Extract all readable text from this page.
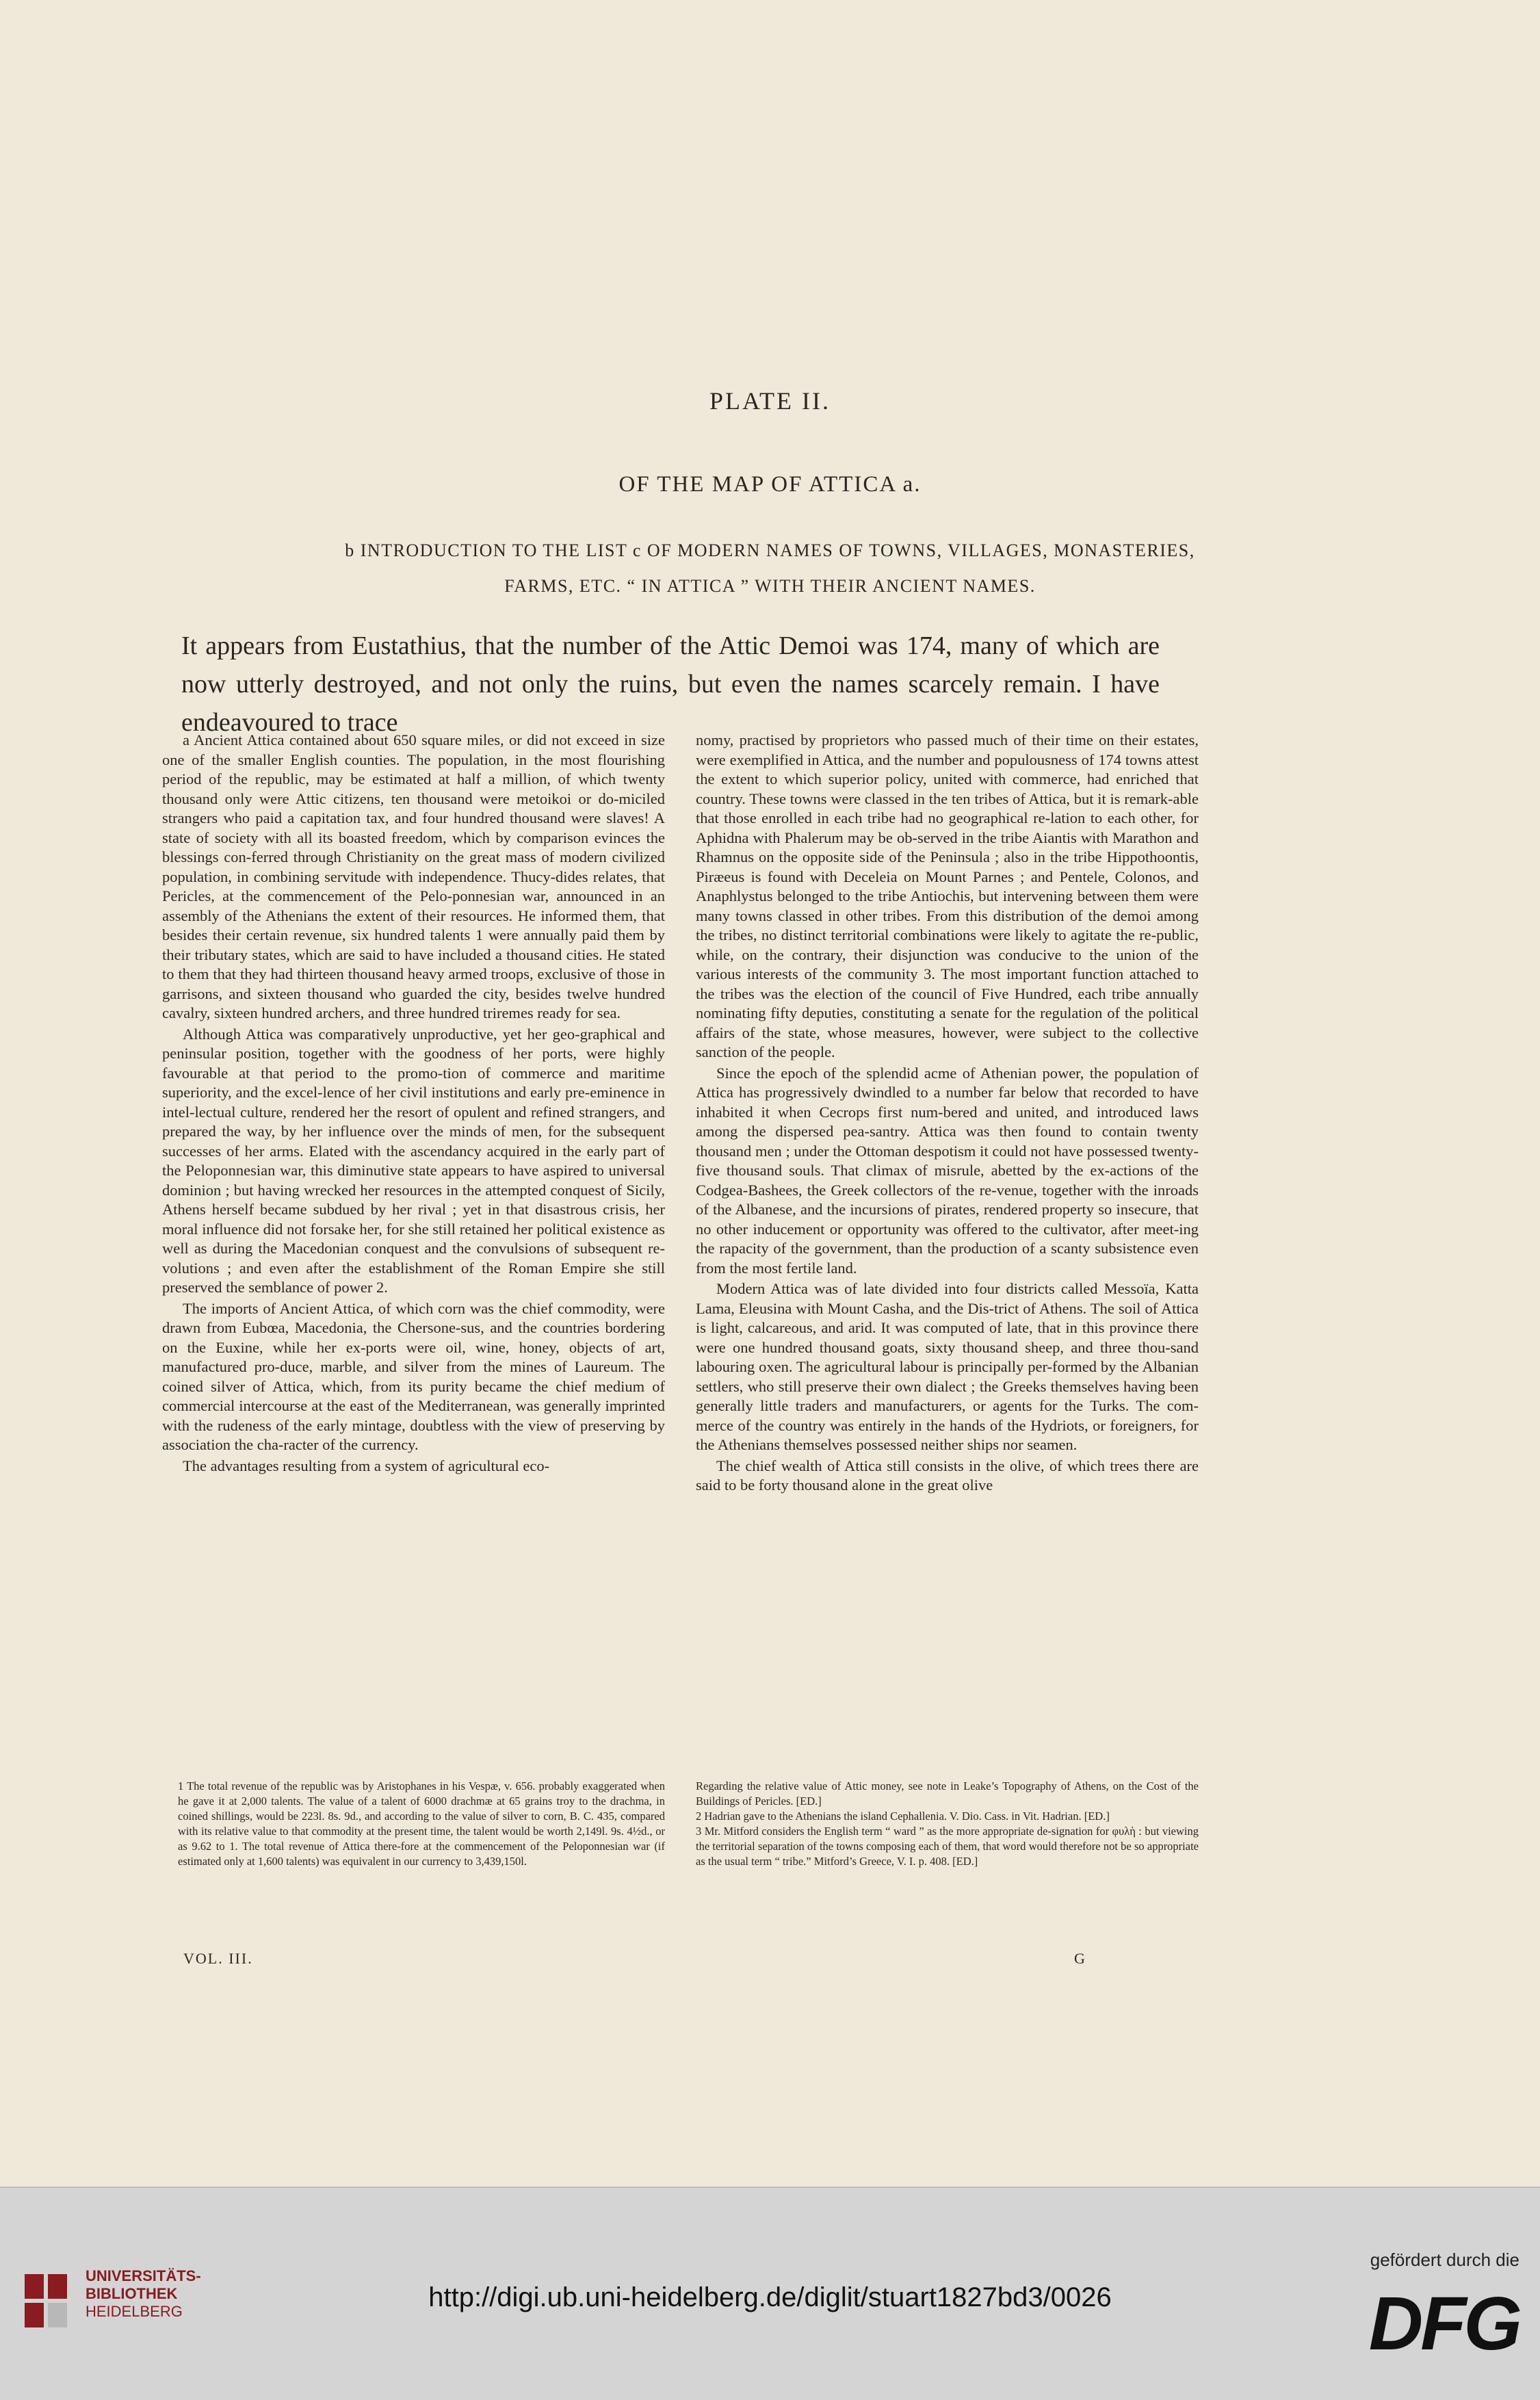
PLATE II.
OF THE MAP OF ATTICA a.
b INTRODUCTION TO THE LIST c OF MODERN NAMES OF TOWNS, VILLAGES, MONASTERIES,
FARMS, ETC. “ IN ATTICA ” WITH THEIR ANCIENT NAMES.
It appears from Eustathius, that the number of the Attic Demoi was 174, many of which are now utterly destroyed, and not only the ruins, but even the names scarcely remain. I have endeavoured to trace

a Ancient Attica contained about 650 square miles, or did not exceed in size one of the smaller English counties. The population, in the most flourishing period of the republic, may be estimated at half a million, of which twenty thousand only were Attic citizens, ten thousand were metoikoi or do-miciled strangers who paid a capitation tax, and four hundred thousand were slaves! A state of society with all its boasted freedom, which by comparison evinces the blessings con-ferred through Christianity on the great mass of modern civilized population, in combining servitude with independence. Thucy-dides relates, that Pericles, at the commencement of the Pelo-ponnesian war, announced in an assembly of the Athenians the extent of their resources. He informed them, that besides their certain revenue, six hundred talents 1 were annually paid them by their tributary states, which are said to have included a thousand cities. He stated to them that they had thirteen thousand heavy armed troops, exclusive of those in garrisons, and sixteen thousand who guarded the city, besides twelve hundred cavalry, sixteen hundred archers, and three hundred triremes ready for sea.

Although Attica was comparatively unproductive, yet her geo-graphical and peninsular position, together with the goodness of her ports, were highly favourable at that period to the promo-tion of commerce and maritime superiority, and the excel-lence of her civil institutions and early pre-eminence in intel-lectual culture, rendered her the resort of opulent and refined strangers, and prepared the way, by her influence over the minds of men, for the subsequent successes of her arms. Elated with the ascendancy acquired in the early part of the Peloponnesian war, this diminutive state appears to have aspired to universal dominion ; but having wrecked her resources in the attempted conquest of Sicily, Athens herself became subdued by her rival ; yet in that disastrous crisis, her moral influence did not forsake her, for she still retained her political existence as well as during the Macedonian conquest and the convulsions of subsequent re-volutions ; and even after the establishment of the Roman Empire she still preserved the semblance of power 2.

The imports of Ancient Attica, of which corn was the chief commodity, were drawn from Eubœa, Macedonia, the Chersone-sus, and the countries bordering on the Euxine, while her ex-ports were oil, wine, honey, objects of art, manufactured pro-duce, marble, and silver from the mines of Laureum. The coined silver of Attica, which, from its purity became the chief medium of commercial intercourse at the east of the Mediterranean, was generally imprinted with the rudeness of the early mintage, doubtless with the view of preserving by association the cha-racter of the currency.

The advantages resulting from a system of agricultural eco-

nomy, practised by proprietors who passed much of their time on their estates, were exemplified in Attica, and the number and populousness of 174 towns attest the extent to which superior policy, united with commerce, had enriched that country. These towns were classed in the ten tribes of Attica, but it is remark-able that those enrolled in each tribe had no geographical re-lation to each other, for Aphidna with Phalerum may be ob-served in the tribe Aiantis with Marathon and Rhamnus on the opposite side of the Peninsula ; also in the tribe Hippothoontis, Piræeus is found with Deceleia on Mount Parnes ; and Pentele, Colonos, and Anaphlystus belonged to the tribe Antiochis, but intervening between them were many towns classed in other tribes. From this distribution of the demoi among the tribes, no distinct territorial combinations were likely to agitate the re-public, while, on the contrary, their disjunction was conducive to the union of the various interests of the community 3. The most important function attached to the tribes was the election of the council of Five Hundred, each tribe annually nominating fifty deputies, constituting a senate for the regulation of the political affairs of the state, whose measures, however, were subject to the collective sanction of the people.

Since the epoch of the splendid acme of Athenian power, the population of Attica has progressively dwindled to a number far below that recorded to have inhabited it when Cecrops first num-bered and united, and introduced laws among the dispersed pea-santry. Attica was then found to contain twenty thousand men ; under the Ottoman despotism it could not have possessed twenty-five thousand souls. That climax of misrule, abetted by the ex-actions of the Codgea-Bashees, the Greek collectors of the re-venue, together with the inroads of the Albanese, and the incursions of pirates, rendered property so insecure, that no other inducement or opportunity was offered to the cultivator, after meet-ing the rapacity of the government, than the production of a scanty subsistence even from the most fertile land.

Modern Attica was of late divided into four districts called Messoïa, Katta Lama, Eleusina with Mount Casha, and the Dis-trict of Athens. The soil of Attica is light, calcareous, and arid. It was computed of late, that in this province there were one hundred thousand goats, sixty thousand sheep, and three thou-sand labouring oxen. The agricultural labour is principally per-formed by the Albanian settlers, who still preserve their own dialect ; the Greeks themselves having been generally little traders and manufacturers, or agents for the Turks. The com-merce of the country was entirely in the hands of the Hydriots, or foreigners, for the Athenians themselves possessed neither ships nor seamen.

The chief wealth of Attica still consists in the olive, of which trees there are said to be forty thousand alone in the great olive

1 The total revenue of the republic was by Aristophanes in his Vespæ, v. 656. probably exaggerated when he gave it at 2,000 talents. The value of a talent of 6000 drachmæ at 65 grains troy to the drachma, in coined shillings, would be 223l. 8s. 9d., and according to the value of silver to corn, B. C. 435, compared with its relative value to that commodity at the present time, the talent would be worth 2,149l. 9s. 4½d., or as 9.62 to 1. The total revenue of Attica there-fore at the commencement of the Peloponnesian war (if estimated only at 1,600 talents) was equivalent in our currency to 3,439,150l.

Regarding the relative value of Attic money, see note in Leake’s Topography of Athens, on the Cost of the Buildings of Pericles. [ED.]

2 Hadrian gave to the Athenians the island Cephallenia. V. Dio. Cass. in Vit. Hadrian. [ED.]

3 Mr. Mitford considers the English term “ ward ” as the more appropriate de-signation for φυλὴ : but viewing the territorial separation of the towns composing each of them, that word would therefore not be so appropriate as the usual term “ tribe.” Mitford’s Greece, V. I. p. 408. [ED.]

VOL. III.	G
UNIVERSITÄTS-
BIBLIOTHEK
HEIDELBERG	http://digi.ub.uni-heidelberg.de/diglit/stuart1827bd3/0026
gefördert durch die
DFG
